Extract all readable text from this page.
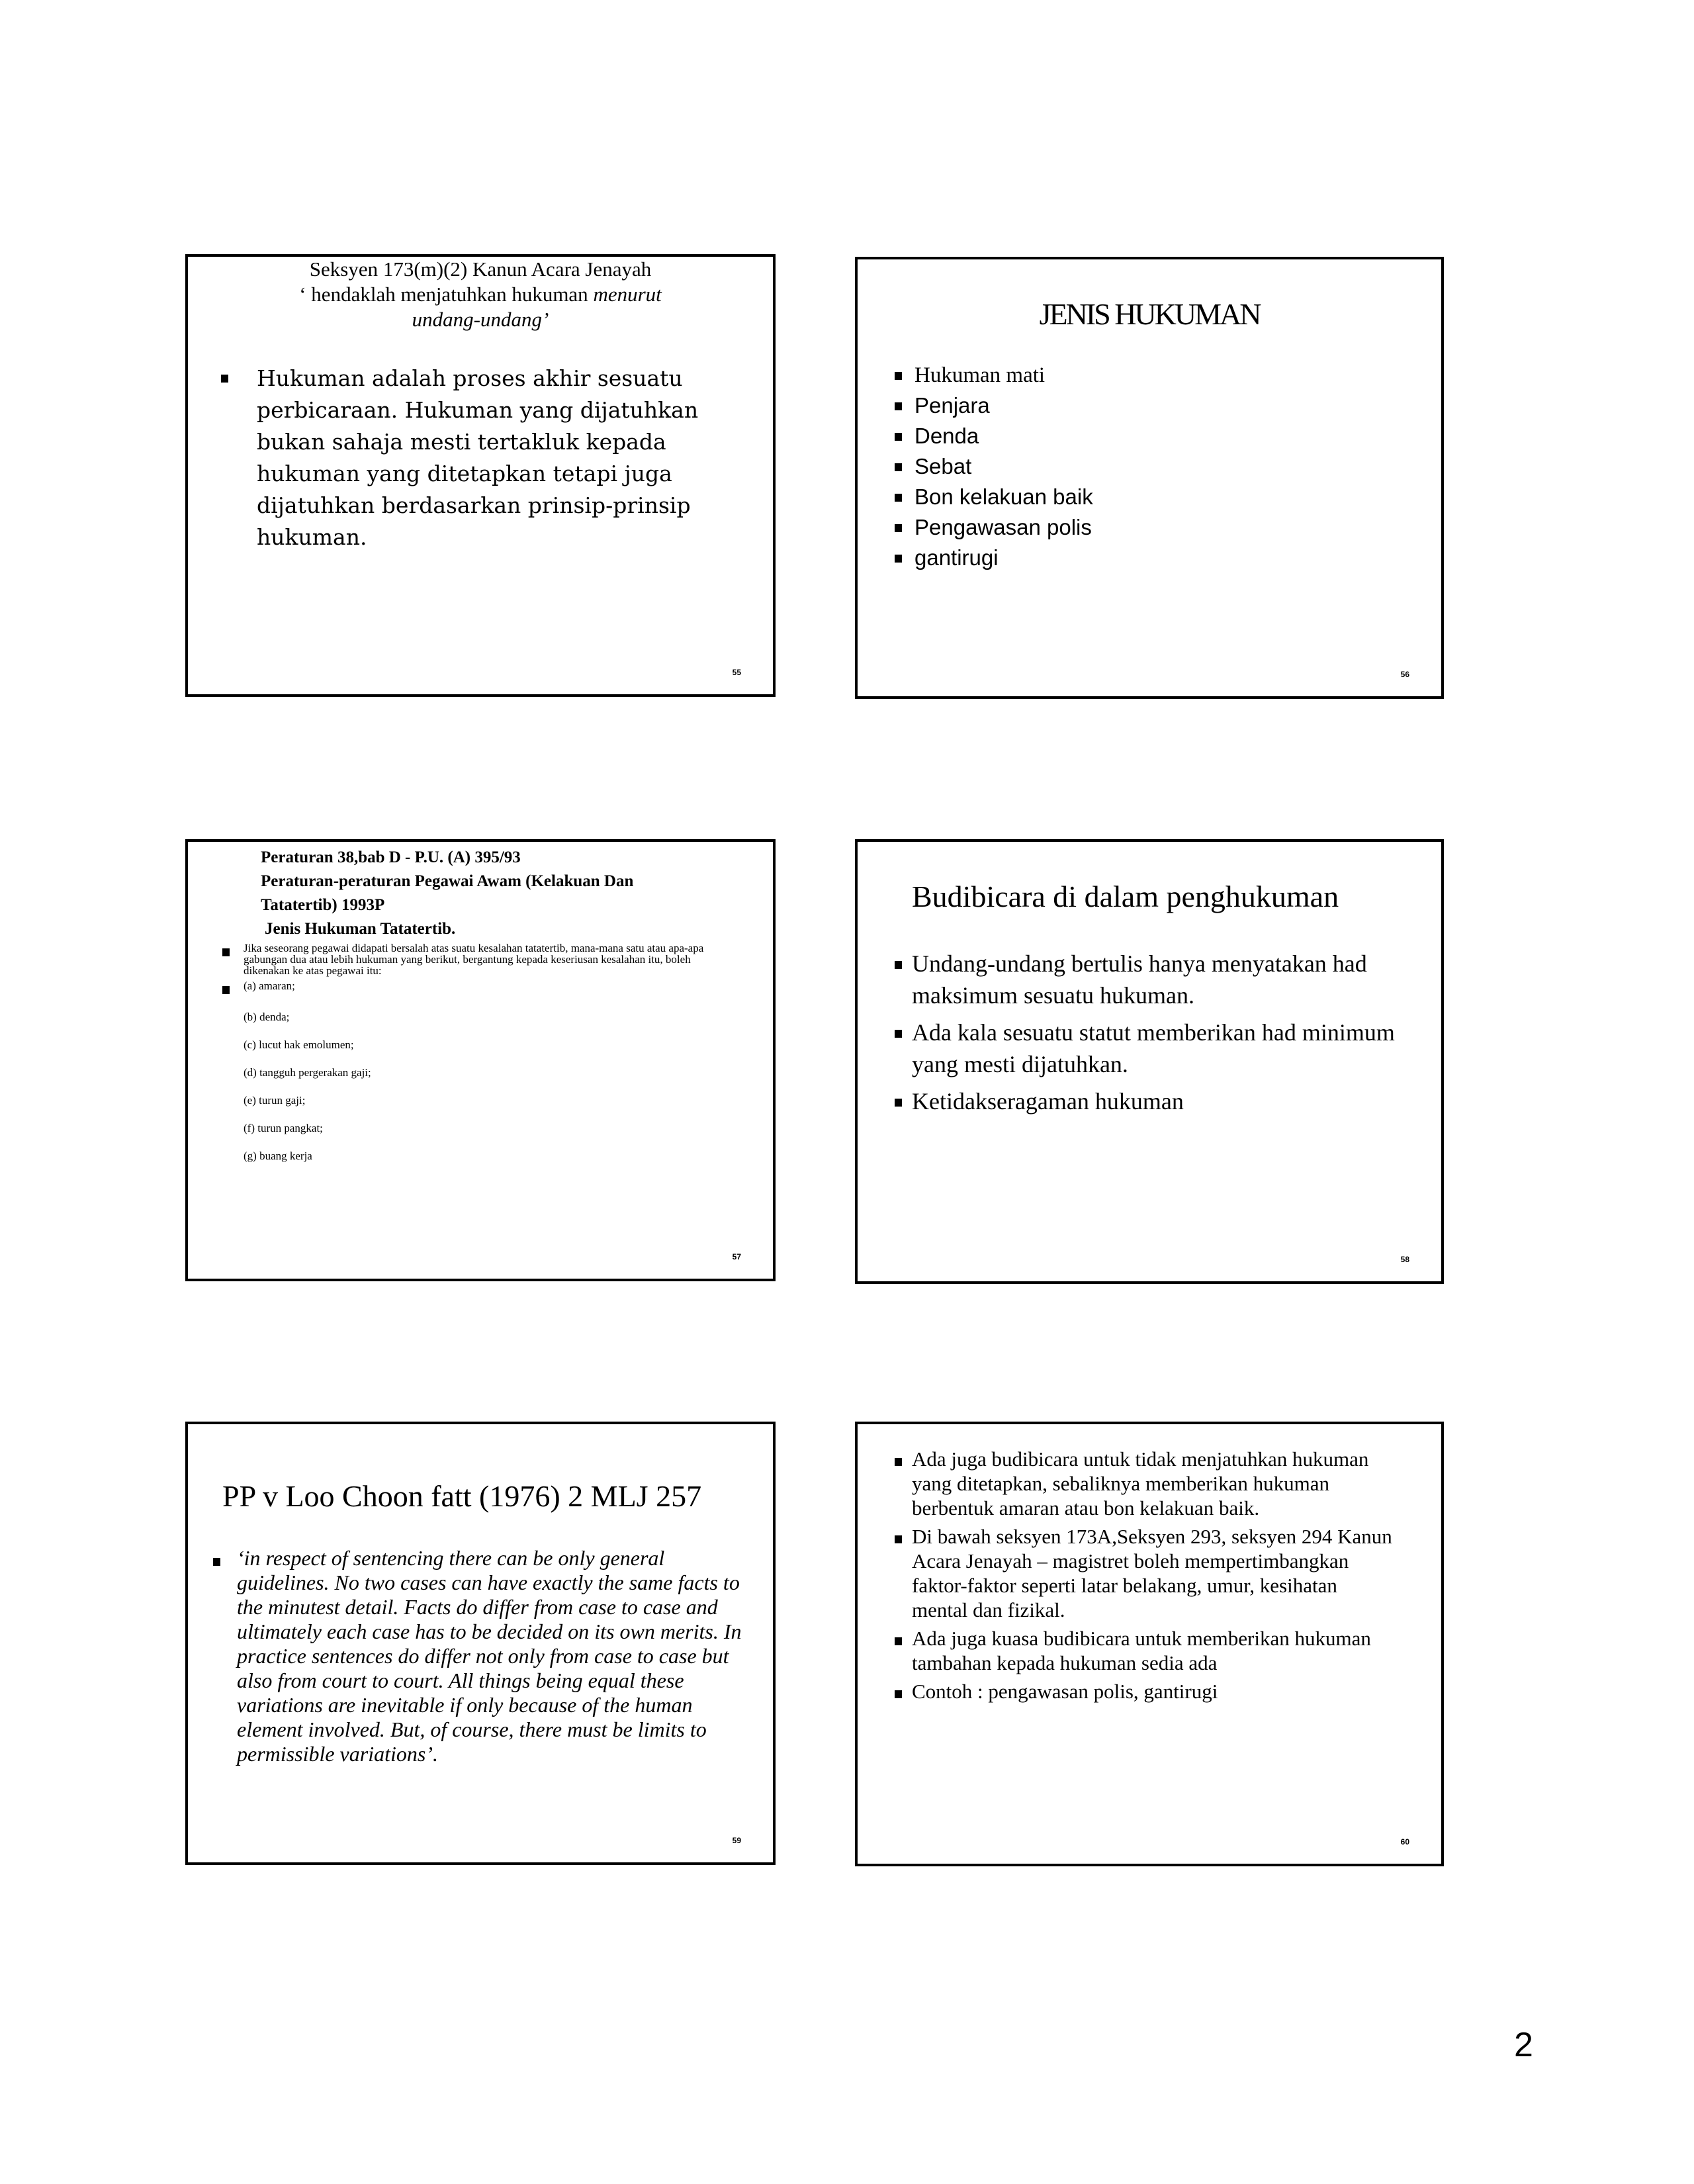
Seksyen 173(m)(2) Kanun Acara Jenayah
‘ hendaklah menjatuhkan hukuman menurut
undang-undang’
Hukuman adalah proses akhir sesuatu perbicaraan. Hukuman yang dijatuhkan bukan sahaja mesti tertakluk kepada hukuman yang ditetapkan tetapi juga dijatuhkan berdasarkan prinsip-prinsip hukuman.
55
JENIS HUKUMAN
Hukuman mati
Penjara
Denda
Sebat
Bon kelakuan baik
Pengawasan polis
gantirugi
56
Peraturan 38,bab D - P.U. (A) 395/93
Peraturan-peraturan Pegawai Awam (Kelakuan Dan
Tatatertib) 1993P
Jenis Hukuman Tatatertib.
Jika seseorang pegawai didapati bersalah atas suatu kesalahan tatatertib, mana-mana satu atau apa-apa gabungan dua atau lebih hukuman yang berikut, bergantung kepada keseriusan kesalahan itu, boleh dikenakan ke atas pegawai itu:
(a) amaran;
(b) denda;
(c) lucut hak emolumen;
(d) tangguh pergerakan gaji;
(e) turun gaji;
(f) turun pangkat;
(g) buang kerja
57
Budibicara di dalam penghukuman
Undang-undang bertulis hanya menyatakan had maksimum sesuatu hukuman.
Ada kala sesuatu statut memberikan had minimum yang mesti dijatuhkan.
Ketidakseragaman hukuman
58
PP v Loo Choon fatt (1976) 2 MLJ 257
‘in respect of sentencing there can be only general guidelines. No two cases can have exactly the same facts to the minutest detail. Facts do differ from case to case and ultimately each case has to be decided on its own merits. In practice sentences do differ not only from case to case but also from court to court. All things being equal these variations are inevitable if only because of the human element involved. But, of course, there must be limits to permissible variations’.
59
Ada juga budibicara untuk tidak menjatuhkan hukuman yang ditetapkan, sebaliknya memberikan hukuman berbentuk amaran atau bon kelakuan baik.
Di bawah seksyen 173A,Seksyen 293, seksyen 294 Kanun Acara Jenayah – magistret boleh mempertimbangkan faktor-faktor seperti latar belakang, umur, kesihatan mental dan fizikal.
Ada juga kuasa budibicara untuk memberikan hukuman tambahan kepada hukuman sedia ada
Contoh : pengawasan polis, gantirugi
60
2
